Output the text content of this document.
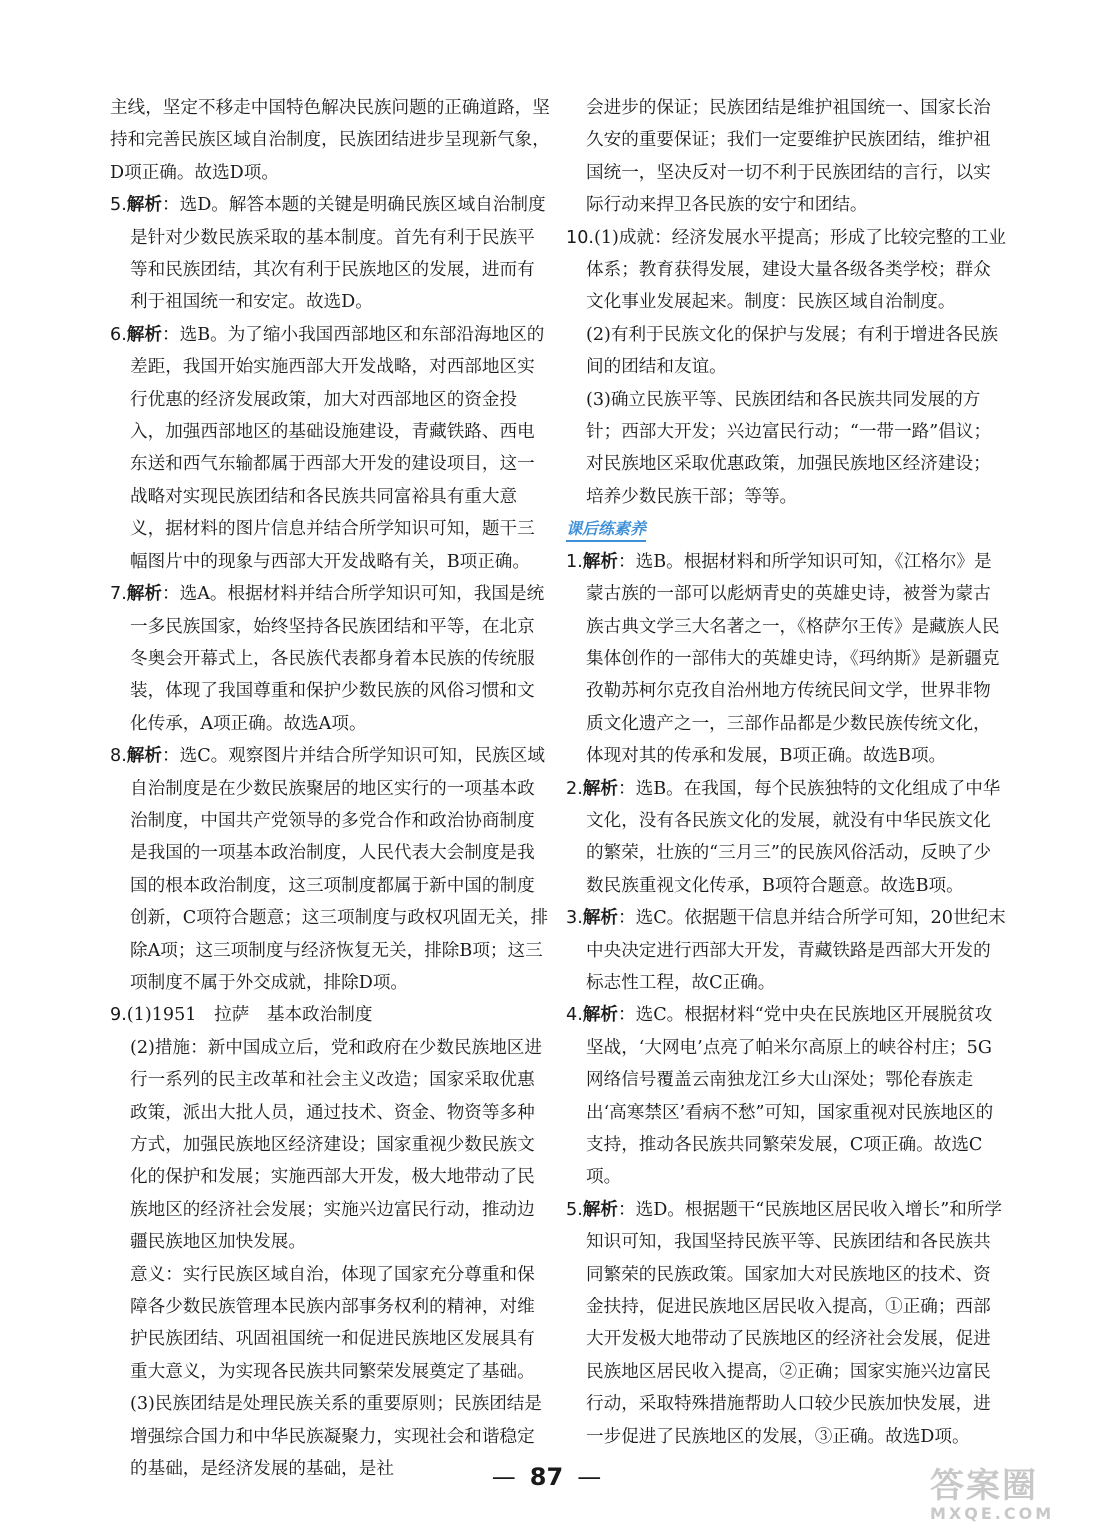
主线，坚定不移走中国特色解决民族问题的正确道路，坚持和完善民族区域自治制度，民族团结进步呈现新气象，D项正确。故选D项。

5.解析：选D。解答本题的关键是明确民族区域自治制度是针对少数民族采取的基本制度。首先有利于民族平等和民族团结，其次有利于民族地区的发展，进而有利于祖国统一和安定。故选D。
6.解析：选B。为了缩小我国西部地区和东部沿海地区的差距，我国开始实施西部大开发战略，对西部地区实行优惠的经济发展政策，加大对西部地区的资金投入，加强西部地区的基础设施建设，青藏铁路、西电东送和西气东输都属于西部大开发的建设项目，这一战略对实现民族团结和各民族共同富裕具有重大意义，据材料的图片信息并结合所学知识可知，题干三幅图片中的现象与西部大开发战略有关，B项正确。
7.解析：选A。根据材料并结合所学知识可知，我国是统一多民族国家，始终坚持各民族团结和平等，在北京冬奥会开幕式上，各民族代表都身着本民族的传统服装，体现了我国尊重和保护少数民族的风俗习惯和文化传承，A项正确。故选A项。
8.解析：选C。观察图片并结合所学知识可知，民族区域自治制度是在少数民族聚居的地区实行的一项基本政治制度，中国共产党领导的多党合作和政治协商制度是我国的一项基本政治制度，人民代表大会制度是我国的根本政治制度，这三项制度都属于新中国的制度创新，C项符合题意；这三项制度与政权巩固无关，排除A项；这三项制度与经济恢复无关，排除B项；这三项制度不属于外交成就，排除D项。

9.(1)1951　拉萨　基本政治制度

(2)措施：新中国成立后，党和政府在少数民族地区进行一系列的民主改革和社会主义改造；国家采取优惠政策，派出大批人员，通过技术、资金、物资等多种方式，加强民族地区经济建设；国家重视少数民族文化的保护和发展；实施西部大开发，极大地带动了民族地区的经济社会发展；实施兴边富民行动，推动边疆民族地区加快发展。

意义：实行民族区域自治，体现了国家充分尊重和保障各少数民族管理本民族内部事务权利的精神，对维护民族团结、巩固祖国统一和促进民族地区发展具有重大意义，为实现各民族共同繁荣发展奠定了基础。

(3)民族团结是处理民族关系的重要原则；民族团结是增强综合国力和中华民族凝聚力，实现社会和谐稳定的基础，是经济发展的基础，是社

会进步的保证；民族团结是维护祖国统一、国家长治久安的重要保证；我们一定要维护民族团结，维护祖国统一，坚决反对一切不利于民族团结的言行，以实际行动来捍卫各民族的安宁和团结。

10.(1)成就：经济发展水平提高；形成了比较完整的工业体系；教育获得发展，建设大量各级各类学校；群众文化事业发展起来。制度：民族区域自治制度。

(2)有利于民族文化的保护与发展；有利于增进各民族间的团结和友谊。

(3)确立民族平等、民族团结和各民族共同发展的方针；西部大开发；兴边富民行动；“一带一路”倡议；对民族地区采取优惠政策，加强民族地区经济建设；培养少数民族干部；等等。

课后练素养
1.解析：选B。根据材料和所学知识可知，《江格尔》是蒙古族的一部可以彪炳青史的英雄史诗，被誉为蒙古族古典文学三大名著之一，《格萨尔王传》是藏族人民集体创作的一部伟大的英雄史诗，《玛纳斯》是新疆克孜勒苏柯尔克孜自治州地方传统民间文学，世界非物质文化遗产之一，三部作品都是少数民族传统文化，体现对其的传承和发展，B项正确。故选B项。
2.解析：选B。在我国，每个民族独特的文化组成了中华文化，没有各民族文化的发展，就没有中华民族文化的繁荣，壮族的“三月三”的民族风俗活动，反映了少数民族重视文化传承，B项符合题意。故选B项。
3.解析：选C。依据题干信息并结合所学可知，20世纪末中央决定进行西部大开发，青藏铁路是西部大开发的标志性工程，故C正确。
4.解析：选C。根据材料“党中央在民族地区开展脱贫攻坚战，‘大网电’点亮了帕米尔高原上的峡谷村庄；5G网络信号覆盖云南独龙江乡大山深处；鄂伦春族走出‘高寒禁区’看病不愁”可知，国家重视对民族地区的支持，推动各民族共同繁荣发展，C项正确。故选C项。
5.解析：选D。根据题干“民族地区居民收入增长”和所学知识可知，我国坚持民族平等、民族团结和各民族共同繁荣的民族政策。国家加大对民族地区的技术、资金扶持，促进民族地区居民收入提高，①正确；西部大开发极大地带动了民族地区的经济社会发展，促进民族地区居民收入提高，②正确；国家实施兴边富民行动，采取特殊措施帮助人口较少民族加快发展，进一步促进了民族地区的发展，③正确。故选D项。
— 87 —	答案圈
MXQE.COM
